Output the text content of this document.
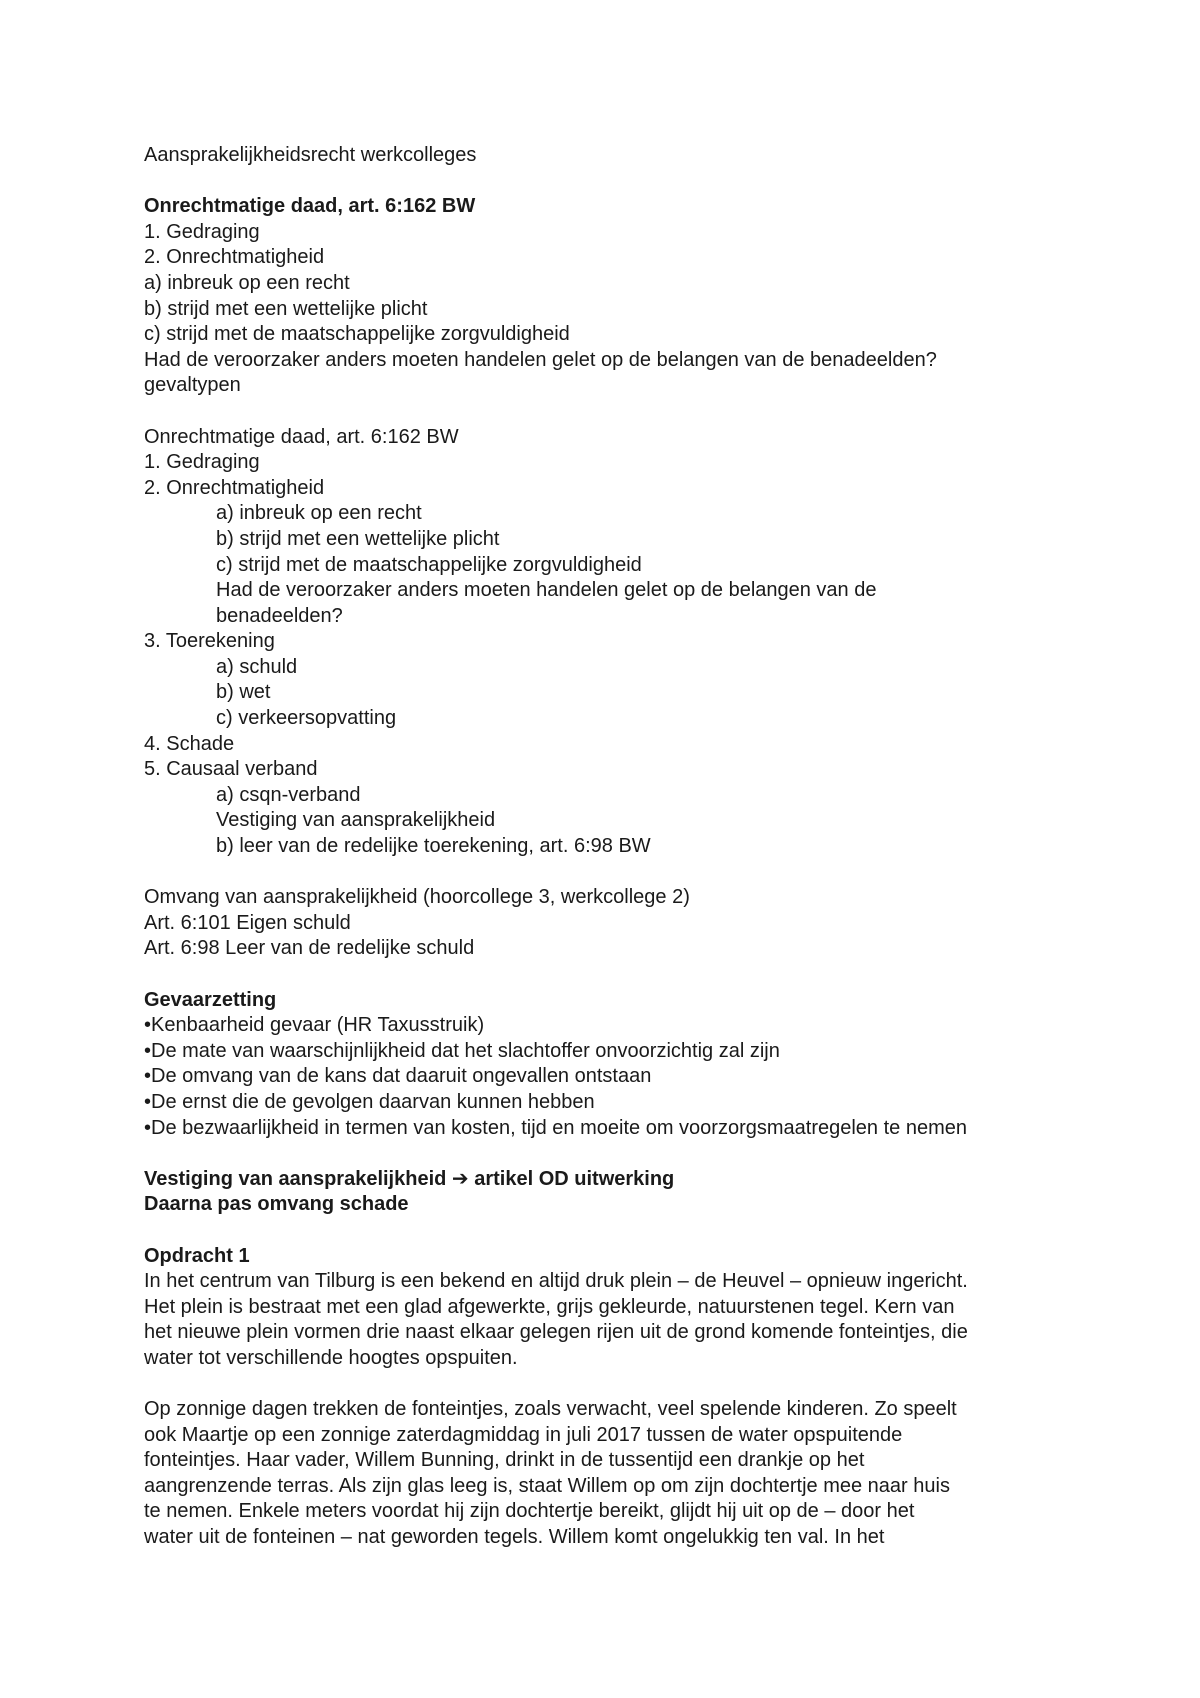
Aansprakelijkheidsrecht werkcolleges
Onrechtmatige daad, art. 6:162 BW
1. Gedraging
2. Onrechtmatigheid
a) inbreuk op een recht
b) strijd met een wettelijke plicht
c) strijd met de maatschappelijke zorgvuldigheid
Had de veroorzaker anders moeten handelen gelet op de belangen van de benadeelden?
gevaltypen
Onrechtmatige daad, art. 6:162 BW
1. Gedraging
2. Onrechtmatigheid
a) inbreuk op een recht
b) strijd met een wettelijke plicht
c) strijd met de maatschappelijke zorgvuldigheid
Had de veroorzaker anders moeten handelen gelet op de belangen van de
benadeelden?
3. Toerekening
a) schuld
b) wet
c) verkeersopvatting
4. Schade
5. Causaal verband
a) csqn-verband
Vestiging van aansprakelijkheid
b) leer van de redelijke toerekening, art. 6:98 BW
Omvang van aansprakelijkheid (hoorcollege 3, werkcollege 2)
Art. 6:101 Eigen schuld
Art. 6:98 Leer van de redelijke schuld
Gevaarzetting
•Kenbaarheid gevaar (HR Taxusstruik)
•De mate van waarschijnlijkheid dat het slachtoffer onvoorzichtig zal zijn
•De omvang van de kans dat daaruit ongevallen ontstaan
•De ernst die de gevolgen daarvan kunnen hebben
•De bezwaarlijkheid in termen van kosten, tijd en moeite om voorzorgsmaatregelen te nemen
Vestiging van aansprakelijkheid ➔ artikel OD uitwerking
Daarna pas omvang schade
Opdracht 1
In het centrum van Tilburg is een bekend en altijd druk plein – de Heuvel – opnieuw ingericht.
Het plein is bestraat met een glad afgewerkte, grijs gekleurde, natuurstenen tegel. Kern van
het nieuwe plein vormen drie naast elkaar gelegen rijen uit de grond komende fonteintjes, die
water tot verschillende hoogtes opspuiten.
Op zonnige dagen trekken de fonteintjes, zoals verwacht, veel spelende kinderen. Zo speelt
ook Maartje op een zonnige zaterdagmiddag in juli 2017 tussen de water opspuitende
fonteintjes. Haar vader, Willem Bunning, drinkt in de tussentijd een drankje op het
aangrenzende terras. Als zijn glas leeg is, staat Willem op om zijn dochtertje mee naar huis
te nemen. Enkele meters voordat hij zijn dochtertje bereikt, glijdt hij uit op de – door het
water uit de fonteinen – nat geworden tegels. Willem komt ongelukkig ten val. In het
